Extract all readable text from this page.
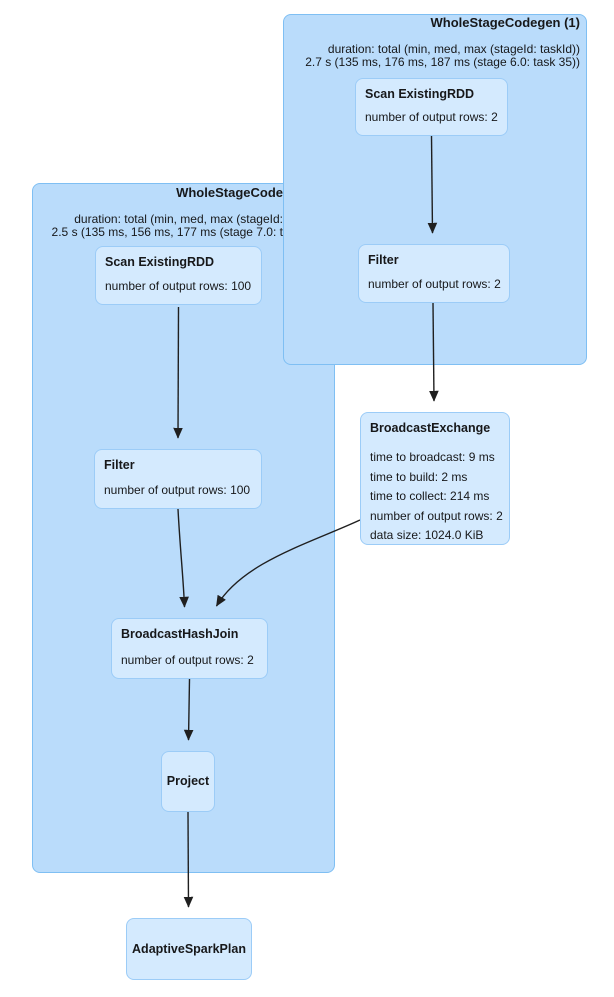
WholeStageCode
duration: total (min, med, max (stageId:
2.5 s (135 ms, 156 ms, 177 ms (stage 7.0: t
WholeStageCodegen (1)
duration: total (min, med, max (stageId: taskId))
2.7 s (135 ms, 176 ms, 187 ms (stage 6.0: task 35))
Scan ExistingRDD
number of output rows: 2
Filter
number of output rows: 2
BroadcastExchange
time to broadcast: 9 ms
time to build: 2 ms
time to collect: 214 ms
number of output rows: 2
data size: 1024.0 KiB
Scan ExistingRDD
number of output rows: 100
Filter
number of output rows: 100
BroadcastHashJoin
number of output rows: 2
Project
AdaptiveSparkPlan
